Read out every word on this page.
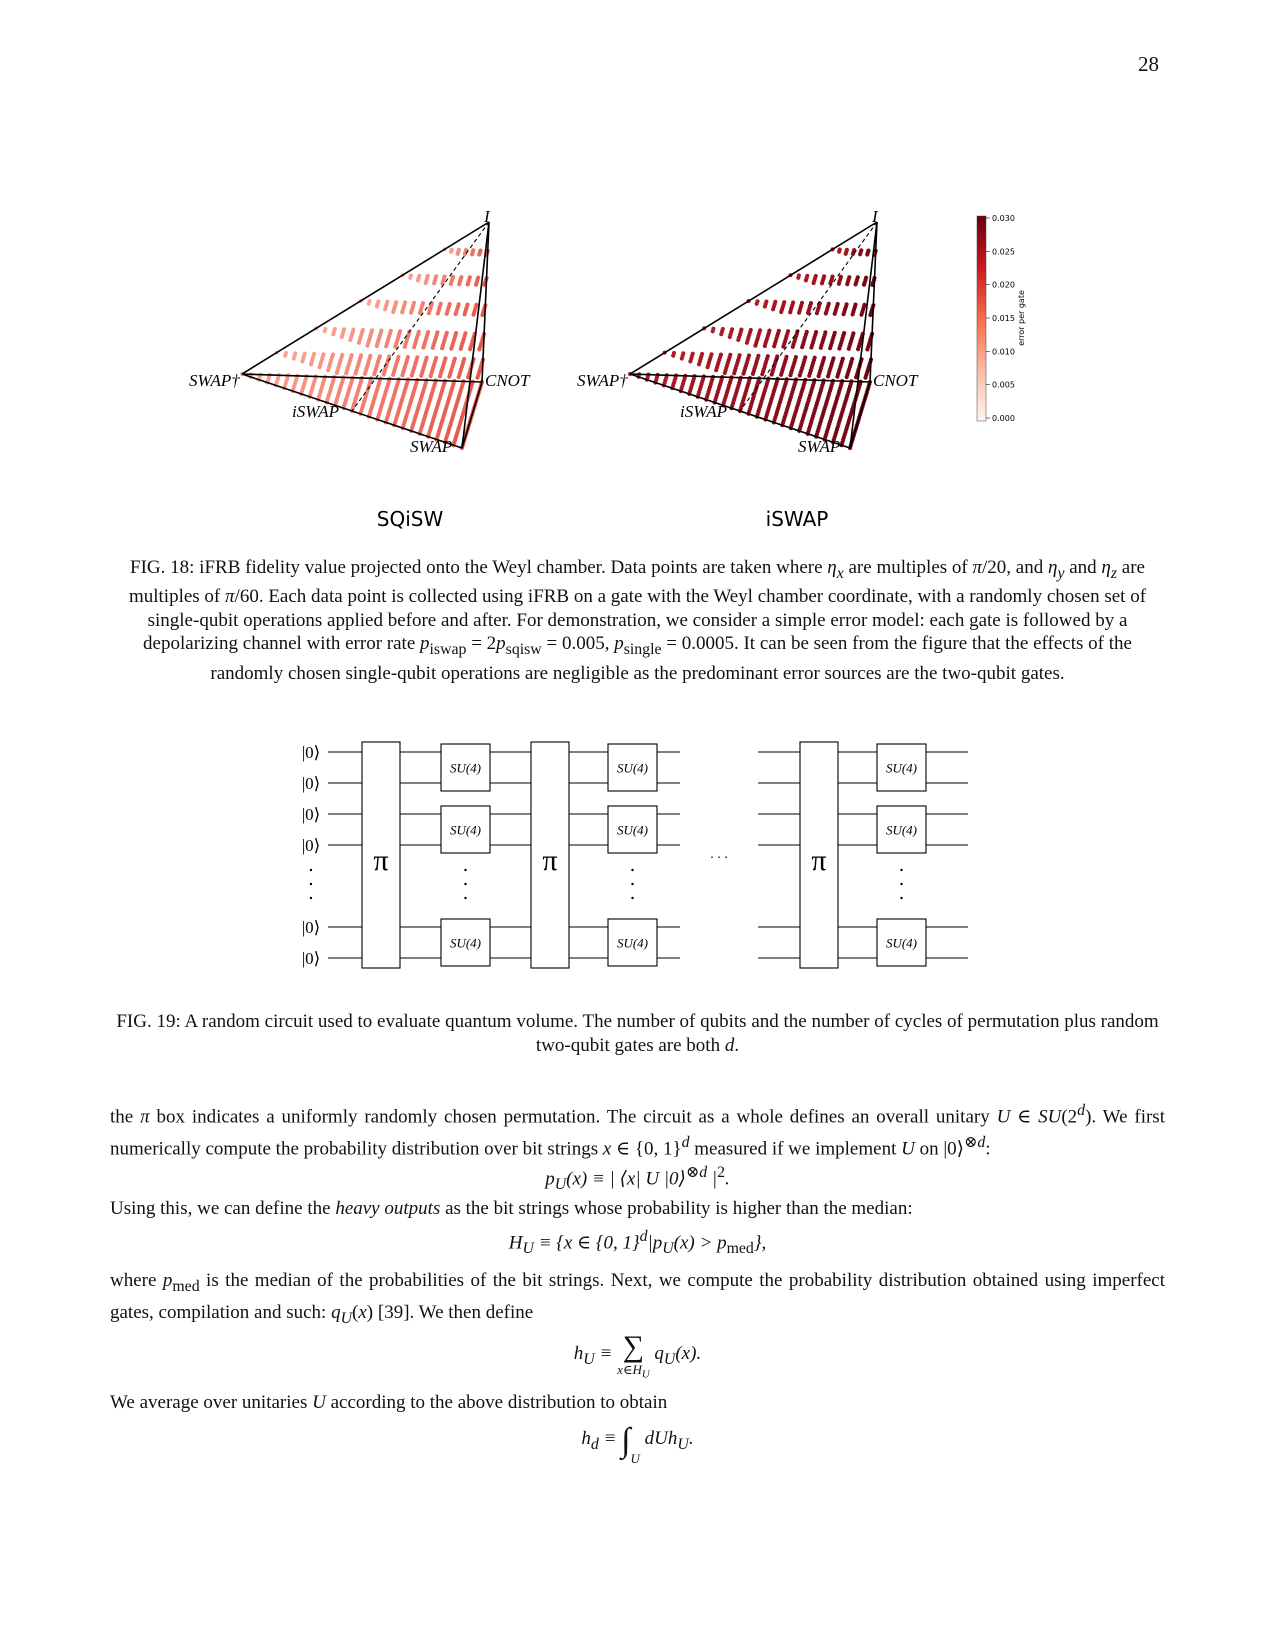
28
I
SWAP†	CNOT
iSWAP
SWAP
SQiSW
I
SWAP†	CNOT
iSWAP
SWAP
iSWAP
0.030
0.025
0.020
0.015
0.010
0.005
0.000
error per gate
FIG. 18: iFRB fidelity value projected onto the Weyl chamber. Data points are taken where $\eta_x$ are multiples of π/20, and $\eta_y$ and $\eta_z$ are multiples of π/60. Each data point is collected using iFRB on a gate with the Weyl chamber coordinate, with a randomly chosen set of single-qubit operations applied before and after. For demonstration, we consider a simple error model: each gate is followed by a depolarizing channel with error rate $p_{iswap} = 2p_{sqisw} = 0.005$, $p_{single} = 0.0005$. It can be seen from the figure that the effects of the randomly chosen single-qubit operations are negligible as the predominant error sources are the two-qubit gates.
|0⟩
|0⟩
|0⟩
|0⟩
|0⟩
|0⟩
π	π	π
SU(4)
SU(4)
SU(4)
SU(4)
SU(4)
SU(4)
SU(4)
SU(4)
SU(4)
. . .
FIG. 19: A random circuit used to evaluate quantum volume. The number of qubits and the number of cycles of permutation plus random two-qubit gates are both d.
the π box indicates a uniformly randomly chosen permutation. The circuit as a whole defines an overall unitary U ∈ SU(2$^d$). We first numerically compute the probability distribution over bit strings x ∈ {0, 1}$^d$ measured if we implement U on |0⟩$^{\otimes d}$:
$p_U(x)$ ≡ | ⟨x| U |0⟩$^{\otimes d}$ $|^2$.
Using this, we can define the heavy outputs as the bit strings whose probability is higher than the median:
$H_U \equiv \{x$ ∈ {0, $1\}^d|p_U(x) > p_{med}$},
where $p_{med}$ is the median of the probabilities of the bit strings. Next, we compute the probability distribution obtained using imperfect gates, compilation and such: $q_U(x)$ [39]. We then define
$h_U$ ≡ ∑
$x\in H_U$
$q_U(x)$.
We average over unitaries U according to the above distribution to obtain
$h_d \equiv \int U$ dUh$_U$.
